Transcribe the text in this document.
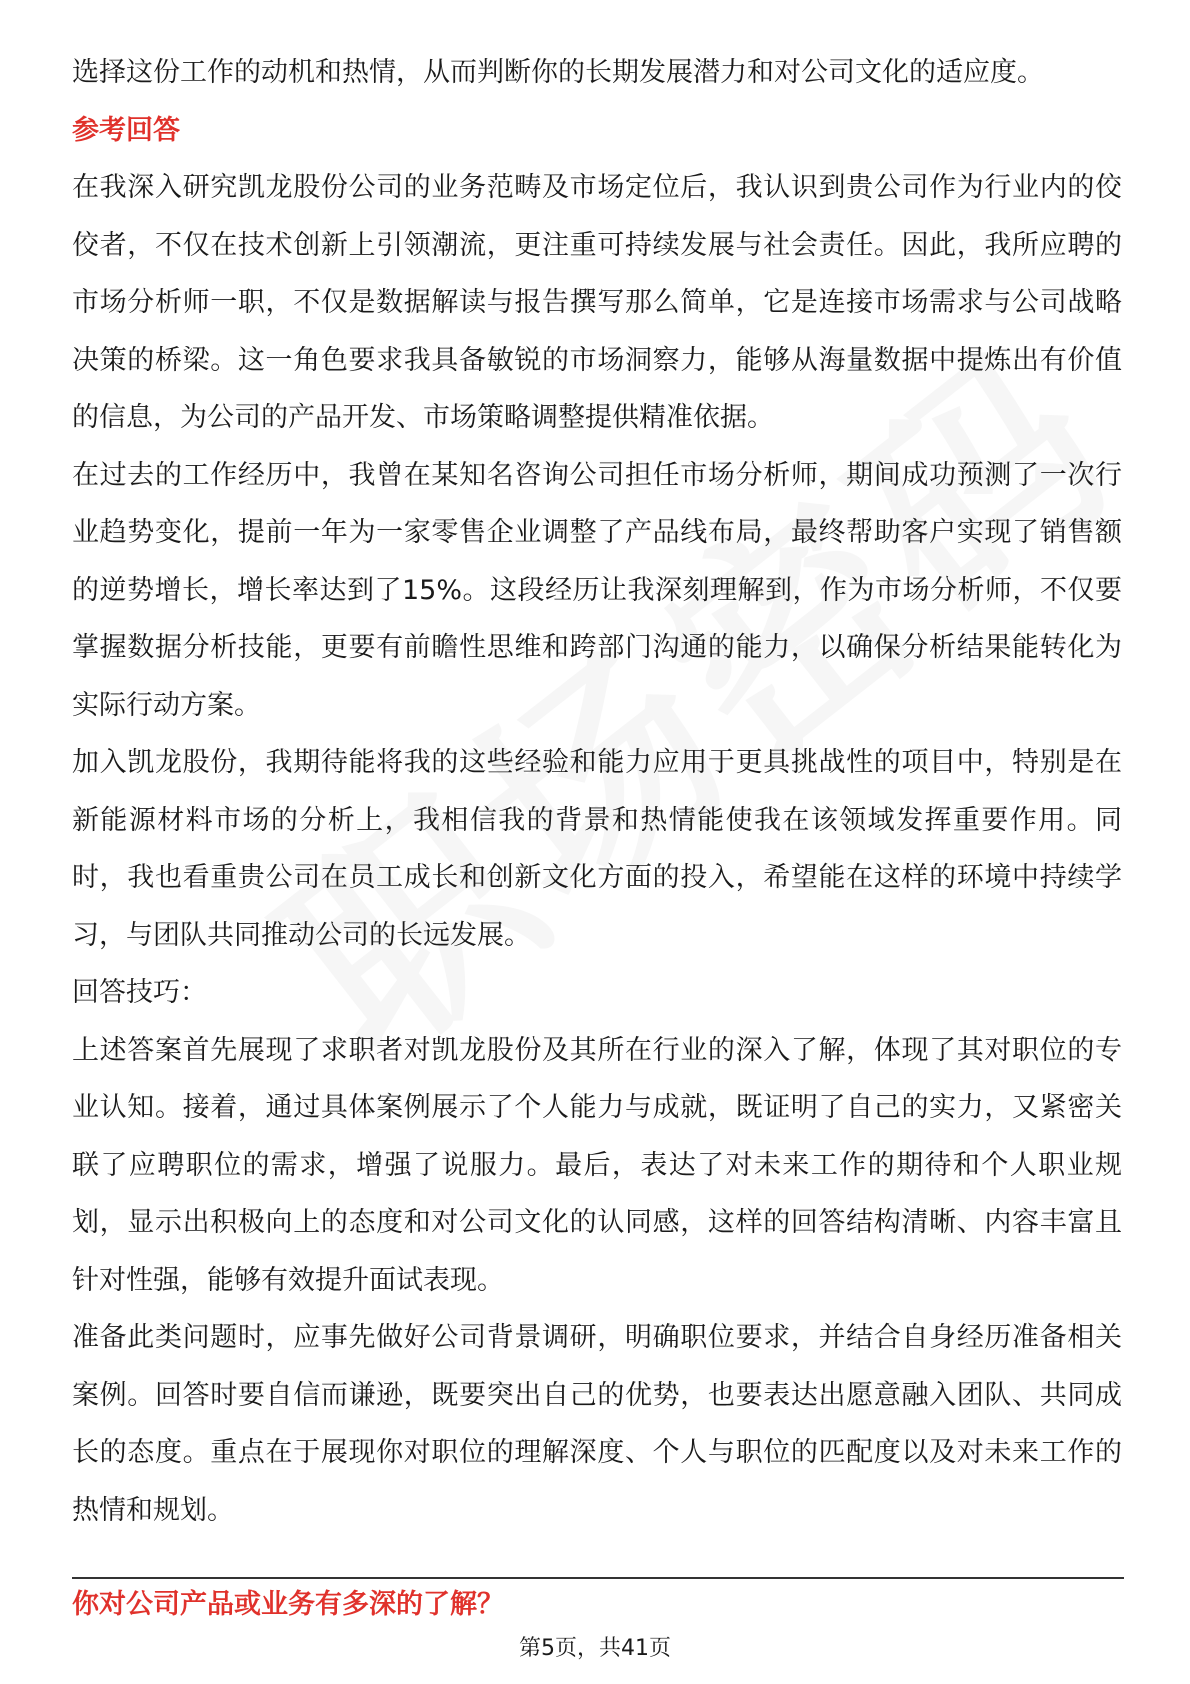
选择这份工作的动机和热情，从而判断你的长期发展潜力和对公司文化的适应度。

参考回答

在我深入研究凯龙股份公司的业务范畴及市场定位后，我认识到贵公司作为行业内的佼佼者，不仅在技术创新上引领潮流，更注重可持续发展与社会责任。因此，我所应聘的市场分析师一职，不仅是数据解读与报告撰写那么简单，它是连接市场需求与公司战略决策的桥梁。这一角色要求我具备敏锐的市场洞察力，能够从海量数据中提炼出有价值的信息，为公司的产品开发、市场策略调整提供精准依据。

在过去的工作经历中，我曾在某知名咨询公司担任市场分析师，期间成功预测了一次行业趋势变化，提前一年为一家零售企业调整了产品线布局，最终帮助客户实现了销售额的逆势增长，增长率达到了15%。这段经历让我深刻理解到，作为市场分析师，不仅要掌握数据分析技能，更要有前瞻性思维和跨部门沟通的能力，以确保分析结果能转化为实际行动方案。

加入凯龙股份，我期待能将我的这些经验和能力应用于更具挑战性的项目中，特别是在新能源材料市场的分析上，我相信我的背景和热情能使我在该领域发挥重要作用。同时，我也看重贵公司在员工成长和创新文化方面的投入，希望能在这样的环境中持续学习，与团队共同推动公司的长远发展。

回答技巧：

上述答案首先展现了求职者对凯龙股份及其所在行业的深入了解，体现了其对职位的专业认知。接着，通过具体案例展示了个人能力与成就，既证明了自己的实力，又紧密关联了应聘职位的需求，增强了说服力。最后，表达了对未来工作的期待和个人职业规划，显示出积极向上的态度和对公司文化的认同感，这样的回答结构清晰、内容丰富且针对性强，能够有效提升面试表现。

准备此类问题时，应事先做好公司背景调研，明确职位要求，并结合自身经历准备相关案例。回答时要自信而谦逊，既要突出自己的优势，也要表达出愿意融入团队、共同成长的态度。重点在于展现你对职位的理解深度、个人与职位的匹配度以及对未来工作的热情和规划。

你对公司产品或业务有多深的了解？

第5页，共41页
